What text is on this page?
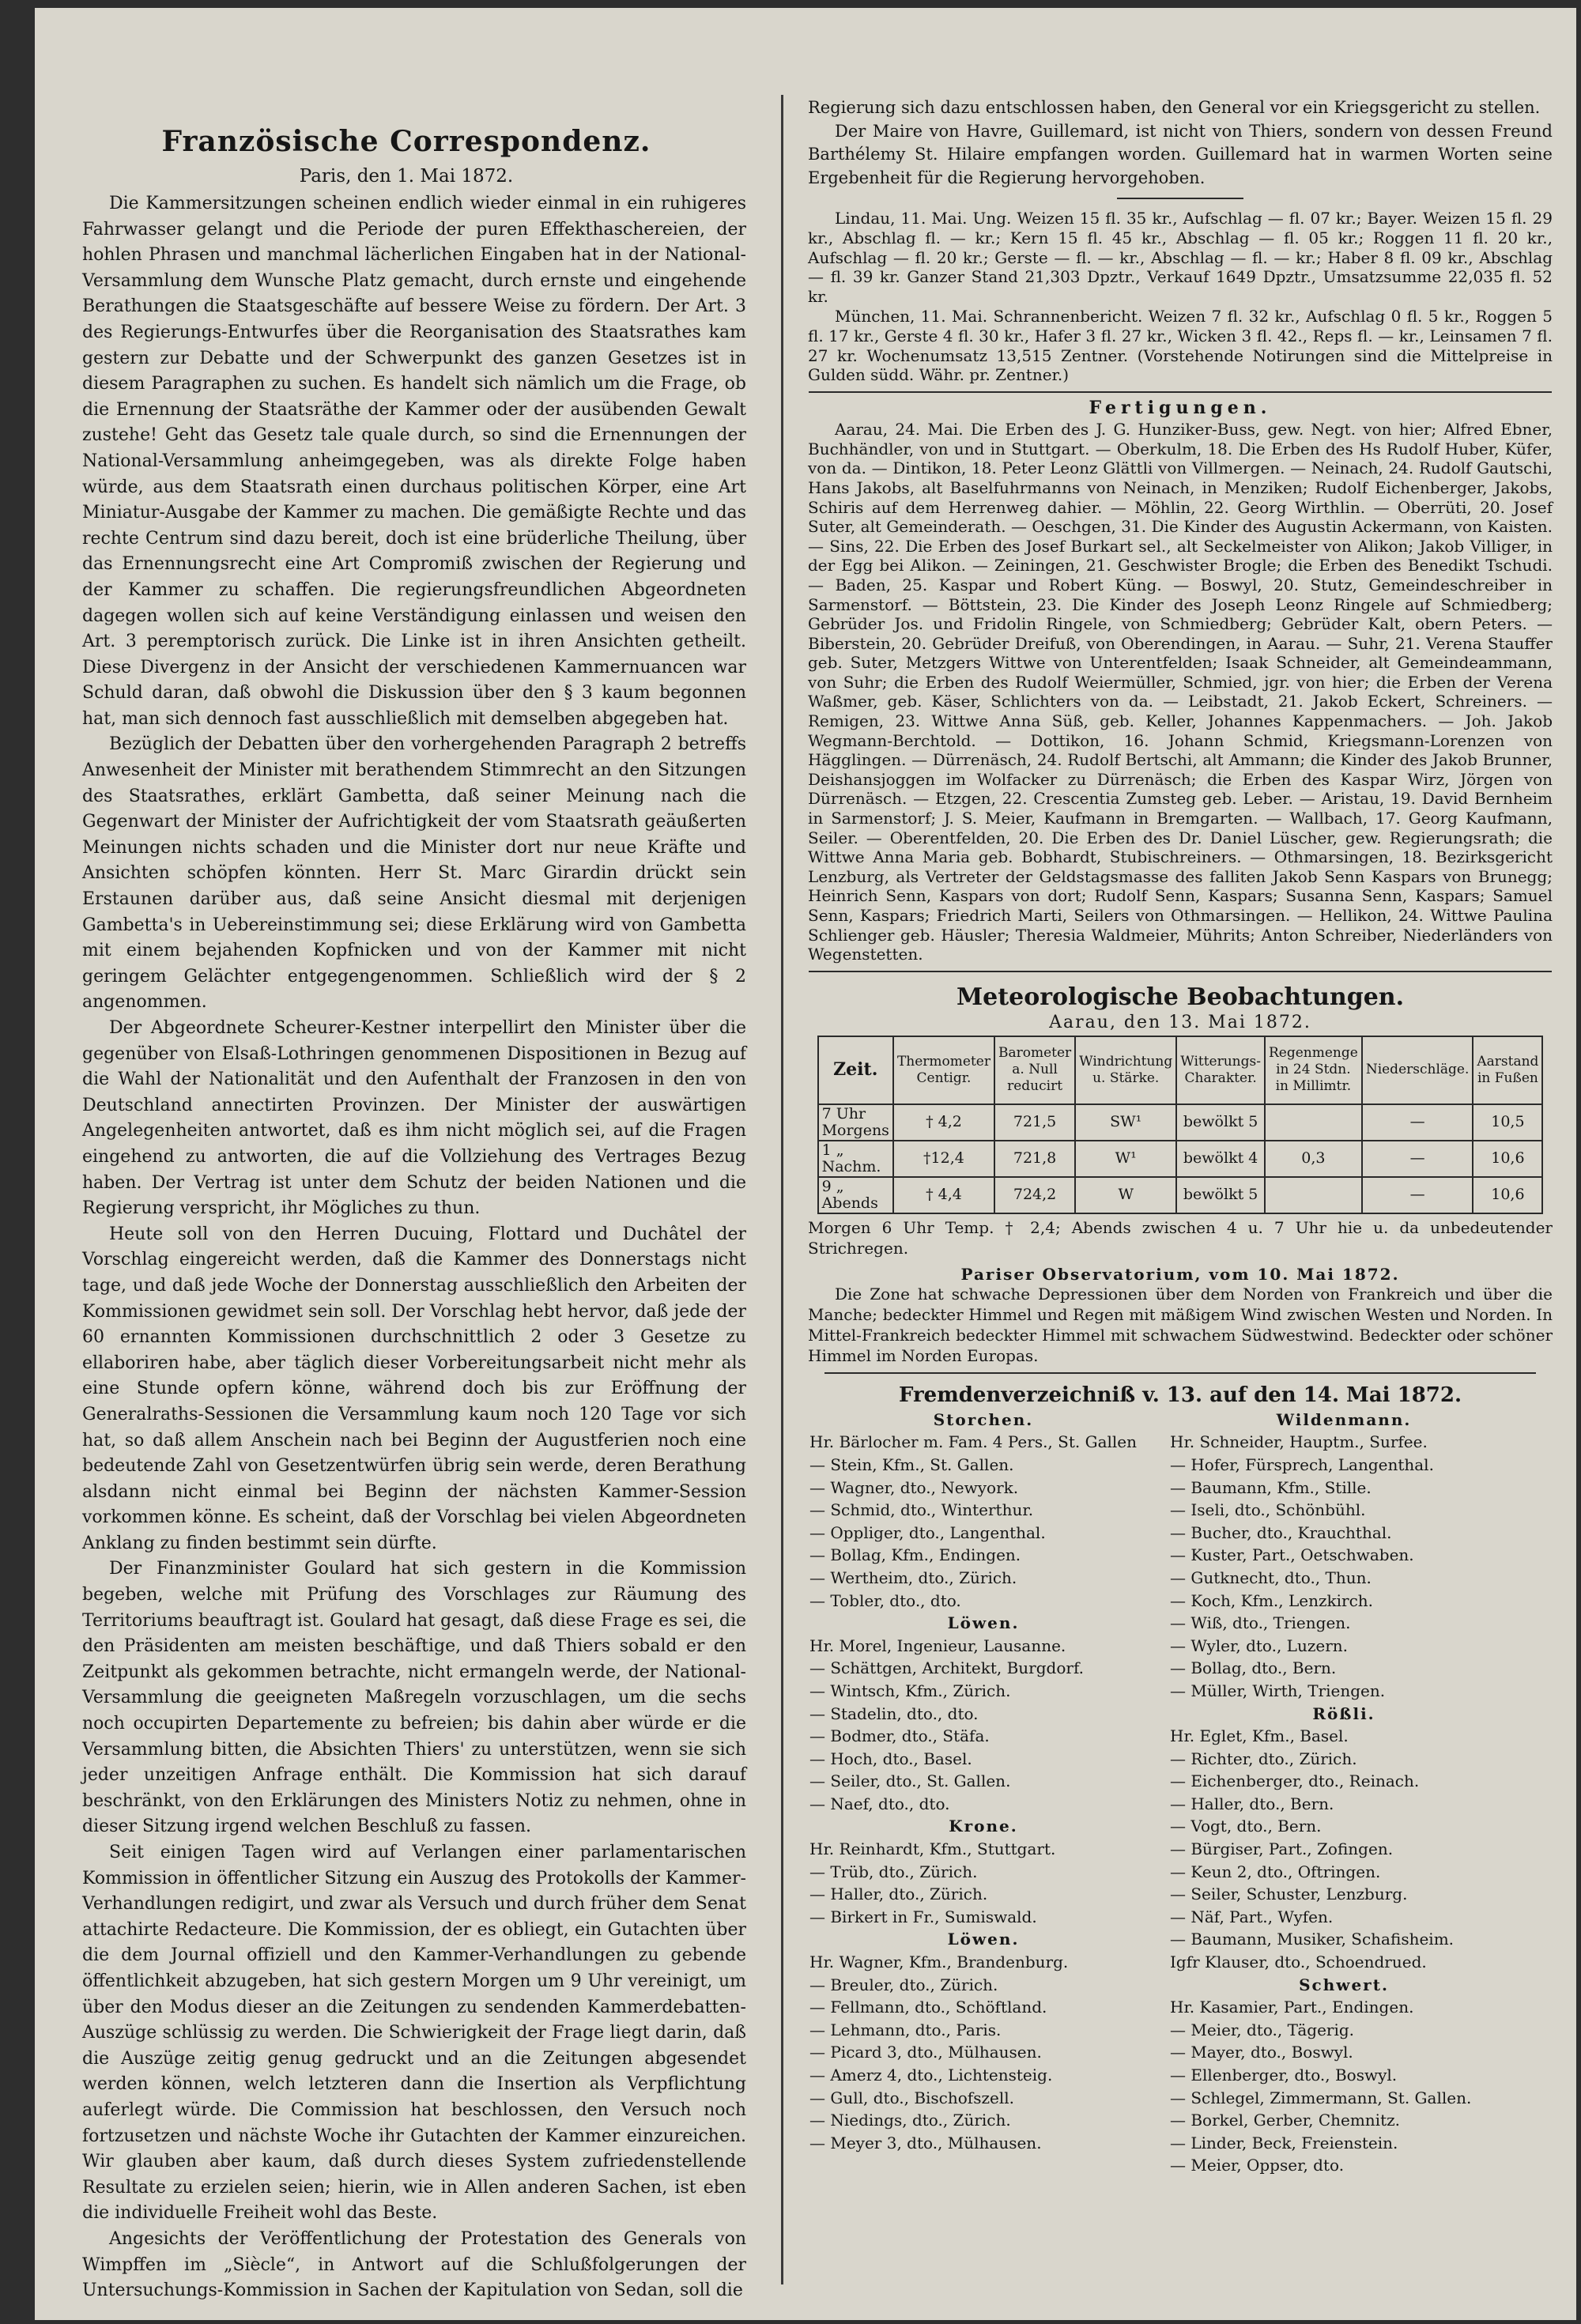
Französische Correspondenz.
Paris, den 1. Mai 1872.

Die Kammersitzungen scheinen endlich wieder einmal in ein ruhigeres Fahrwasser gelangt und die Periode der puren Effekthaschereien, der hohlen Phrasen und manchmal lächerlichen Eingaben hat in der National-Versammlung dem Wunsche Platz gemacht, durch ernste und eingehende Berathungen die Staatsgeschäfte auf bessere Weise zu fördern. Der Art. 3 des Regierungs-Entwurfes über die Reorganisation des Staatsrathes kam gestern zur Debatte und der Schwerpunkt des ganzen Gesetzes ist in diesem Paragraphen zu suchen. Es handelt sich nämlich um die Frage, ob die Ernennung der Staatsräthe der Kammer oder der ausübenden Gewalt zustehe! Geht das Gesetz tale quale durch, so sind die Ernennungen der National-Versammlung anheimgegeben, was als direkte Folge haben würde, aus dem Staatsrath einen durchaus politischen Körper, eine Art Miniatur-Ausgabe der Kammer zu machen. Die gemäßigte Rechte und das rechte Centrum sind dazu bereit, doch ist eine brüderliche Theilung, über das Ernennungsrecht eine Art Compromiß zwischen der Regierung und der Kammer zu schaffen. Die regierungsfreundlichen Abgeordneten dagegen wollen sich auf keine Verständigung einlassen und weisen den Art. 3 peremptorisch zurück. Die Linke ist in ihren Ansichten getheilt. Diese Divergenz in der Ansicht der verschiedenen Kammernuancen war Schuld daran, daß obwohl die Diskussion über den § 3 kaum begonnen hat, man sich dennoch fast ausschließlich mit demselben abgegeben hat.

Bezüglich der Debatten über den vorhergehenden Paragraph 2 betreffs Anwesenheit der Minister mit berathendem Stimmrecht an den Sitzungen des Staatsrathes, erklärt Gambetta, daß seiner Meinung nach die Gegenwart der Minister der Aufrichtigkeit der vom Staatsrath geäußerten Meinungen nichts schaden und die Minister dort nur neue Kräfte und Ansichten schöpfen könnten. Herr St. Marc Girardin drückt sein Erstaunen darüber aus, daß seine Ansicht diesmal mit derjenigen Gambetta's in Uebereinstimmung sei; diese Erklärung wird von Gambetta mit einem bejahenden Kopfnicken und von der Kammer mit nicht geringem Gelächter entgegengenommen. Schließlich wird der § 2 angenommen.

Der Abgeordnete Scheurer-Kestner interpellirt den Minister über die gegenüber von Elsaß-Lothringen genommenen Dispositionen in Bezug auf die Wahl der Nationalität und den Aufenthalt der Franzosen in den von Deutschland annectirten Provinzen. Der Minister der auswärtigen Angelegenheiten antwortet, daß es ihm nicht möglich sei, auf die Fragen eingehend zu antworten, die auf die Vollziehung des Vertrages Bezug haben. Der Vertrag ist unter dem Schutz der beiden Nationen und die Regierung verspricht, ihr Mögliches zu thun.

Heute soll von den Herren Ducuing, Flottard und Duchâtel der Vorschlag eingereicht werden, daß die Kammer des Donnerstags nicht tage, und daß jede Woche der Donnerstag ausschließlich den Arbeiten der Kommissionen gewidmet sein soll. Der Vorschlag hebt hervor, daß jede der 60 ernannten Kommissionen durchschnittlich 2 oder 3 Gesetze zu ellaboriren habe, aber täglich dieser Vorbereitungsarbeit nicht mehr als eine Stunde opfern könne, während doch bis zur Eröffnung der Generalraths-Sessionen die Versammlung kaum noch 120 Tage vor sich hat, so daß allem Anschein nach bei Beginn der Augustferien noch eine bedeutende Zahl von Gesetzentwürfen übrig sein werde, deren Berathung alsdann nicht einmal bei Beginn der nächsten Kammer-Session vorkommen könne. Es scheint, daß der Vorschlag bei vielen Abgeordneten Anklang zu finden bestimmt sein dürfte.

Der Finanzminister Goulard hat sich gestern in die Kommission begeben, welche mit Prüfung des Vorschlages zur Räumung des Territoriums beauftragt ist. Goulard hat gesagt, daß diese Frage es sei, die den Präsidenten am meisten beschäftige, und daß Thiers sobald er den Zeitpunkt als gekommen betrachte, nicht ermangeln werde, der National-Versammlung die geeigneten Maßregeln vorzuschlagen, um die sechs noch occupirten Departemente zu befreien; bis dahin aber würde er die Versammlung bitten, die Absichten Thiers' zu unterstützen, wenn sie sich jeder unzeitigen Anfrage enthält. Die Kommission hat sich darauf beschränkt, von den Erklärungen des Ministers Notiz zu nehmen, ohne in dieser Sitzung irgend welchen Beschluß zu fassen.

Seit einigen Tagen wird auf Verlangen einer parlamentarischen Kommission in öffentlicher Sitzung ein Auszug des Protokolls der Kammer-Verhandlungen redigirt, und zwar als Versuch und durch früher dem Senat attachirte Redacteure. Die Kommission, der es obliegt, ein Gutachten über die dem Journal offiziell und den Kammer-Verhandlungen zu gebende öffentlichkeit abzugeben, hat sich gestern Morgen um 9 Uhr vereinigt, um über den Modus dieser an die Zeitungen zu sendenden Kammerdebatten-Auszüge schlüssig zu werden. Die Schwierigkeit der Frage liegt darin, daß die Auszüge zeitig genug gedruckt und an die Zeitungen abgesendet werden können, welch letzteren dann die Insertion als Verpflichtung auferlegt würde. Die Commission hat beschlossen, den Versuch noch fortzusetzen und nächste Woche ihr Gutachten der Kammer einzureichen. Wir glauben aber kaum, daß durch dieses System zufriedenstellende Resultate zu erzielen seien; hierin, wie in Allen anderen Sachen, ist eben die individuelle Freiheit wohl das Beste.

Angesichts der Veröffentlichung der Protestation des Generals von Wimpffen im „Siècle“, in Antwort auf die Schlußfolgerungen der Untersuchungs-Kommission in Sachen der Kapitulation von Sedan, soll die

Regierung sich dazu entschlossen haben, den General vor ein Kriegsgericht zu stellen.

Der Maire von Havre, Guillemard, ist nicht von Thiers, sondern von dessen Freund Barthélemy St. Hilaire empfangen worden. Guillemard hat in warmen Worten seine Ergebenheit für die Regierung hervorgehoben.

Lindau, 11. Mai. Ung. Weizen 15 fl. 35 kr., Aufschlag — fl. 07 kr.; Bayer. Weizen 15 fl. 29 kr., Abschlag fl. — kr.; Kern 15 fl. 45 kr., Abschlag — fl. 05 kr.; Roggen 11 fl. 20 kr., Aufschlag — fl. 20 kr.; Gerste — fl. — kr., Abschlag — fl. — kr.; Haber 8 fl. 09 kr., Abschlag — fl. 39 kr. Ganzer Stand 21,303 Dpztr., Verkauf 1649 Dpztr., Umsatzsumme 22,035 fl. 52 kr.

München, 11. Mai. Schrannenbericht. Weizen 7 fl. 32 kr., Aufschlag 0 fl. 5 kr., Roggen 5 fl. 17 kr., Gerste 4 fl. 30 kr., Hafer 3 fl. 27 kr., Wicken 3 fl. 42., Reps fl. — kr., Leinsamen 7 fl. 27 kr. Wochenumsatz 13,515 Zentner. (Vorstehende Notirungen sind die Mittelpreise in Gulden südd. Währ. pr. Zentner.)

Fertigungen.

Aarau, 24. Mai. Die Erben des J. G. Hunziker-Buss, gew. Negt. von hier; Alfred Ebner, Buchhändler, von und in Stuttgart. — Oberkulm, 18. Die Erben des Hs Rudolf Huber, Küfer, von da. — Dintikon, 18. Peter Leonz Glättli von Villmergen. — Neinach, 24. Rudolf Gautschi, Hans Jakobs, alt Baselfuhrmanns von Neinach, in Menziken; Rudolf Eichenberger, Jakobs, Schiris auf dem Herrenweg dahier. — Möhlin, 22. Georg Wirthlin. — Oberrüti, 20. Josef Suter, alt Gemeinderath. — Oeschgen, 31. Die Kinder des Augustin Ackermann, von Kaisten. — Sins, 22. Die Erben des Josef Burkart sel., alt Seckelmeister von Alikon; Jakob Villiger, in der Egg bei Alikon. — Zeiningen, 21. Geschwister Brogle; die Erben des Benedikt Tschudi. — Baden, 25. Kaspar und Robert Küng. — Boswyl, 20. Stutz, Gemeindeschreiber in Sarmenstorf. — Böttstein, 23. Die Kinder des Joseph Leonz Ringele auf Schmiedberg; Gebrüder Jos. und Fridolin Ringele, von Schmiedberg; Gebrüder Kalt, obern Peters. — Biberstein, 20. Gebrüder Dreifuß, von Oberendingen, in Aarau. — Suhr, 21. Verena Stauffer geb. Suter, Metzgers Wittwe von Unterentfelden; Isaak Schneider, alt Gemeindeammann, von Suhr; die Erben des Rudolf Weiermüller, Schmied, jgr. von hier; die Erben der Verena Waßmer, geb. Käser, Schlichters von da. — Leibstadt, 21. Jakob Eckert, Schreiners. — Remigen, 23. Wittwe Anna Süß, geb. Keller, Johannes Kappenmachers. — Joh. Jakob Wegmann-Berchtold. — Dottikon, 16. Johann Schmid, Kriegsmann-Lorenzen von Hägglingen. — Dürrenäsch, 24. Rudolf Bertschi, alt Ammann; die Kinder des Jakob Brunner, Deishansjoggen im Wolfacker zu Dürrenäsch; die Erben des Kaspar Wirz, Jörgen von Dürrenäsch. — Etzgen, 22. Crescentia Zumsteg geb. Leber. — Aristau, 19. David Bernheim in Sarmenstorf; J. S. Meier, Kaufmann in Bremgarten. — Wallbach, 17. Georg Kaufmann, Seiler. — Oberentfelden, 20. Die Erben des Dr. Daniel Lüscher, gew. Regierungsrath; die Wittwe Anna Maria geb. Bobhardt, Stubischreiners. — Othmarsingen, 18. Bezirksgericht Lenzburg, als Vertreter der Geldstagsmasse des falliten Jakob Senn Kaspars von Brunegg; Heinrich Senn, Kaspars von dort; Rudolf Senn, Kaspars; Susanna Senn, Kaspars; Samuel Senn, Kaspars; Friedrich Marti, Seilers von Othmarsingen. — Hellikon, 24. Wittwe Paulina Schlienger geb. Häusler; Theresia Waldmeier, Mührits; Anton Schreiber, Niederländers von Wegenstetten.

Meteorologische Beobachtungen.
Aarau, den 13. Mai 1872.
Zeit.	Thermometer Centigr.	Barometer a. Null reducirt	Windrichtung u. Stärke.	Witterungs-Charakter.	Regenmenge in 24 Stdn. in Millimtr.	Niederschläge.	Aarstand in Fußen
7 Uhr Morgens	† 4,2	721,5	SW¹	bewölkt 5		—	10,5
1 „ Nachm.	†12,4	721,8	W¹	bewölkt 4	0,3	—	10,6
9 „ Abends	† 4,4	724,2	W	bewölkt 5		—	10,6

Morgen 6 Uhr Temp. † 2,4; Abends zwischen 4 u. 7 Uhr hie u. da unbedeutender Strichregen.

Pariser Observatorium, vom 10. Mai 1872.

Die Zone hat schwache Depressionen über dem Norden von Frankreich und über die Manche; bedeckter Himmel und Regen mit mäßigem Wind zwischen Westen und Norden. In Mittel-Frankreich bedeckter Himmel mit schwachem Südwestwind. Bedeckter oder schöner Himmel im Norden Europas.

Fremdenverzeichniß v. 13. auf den 14. Mai 1872.
Storchen.
Hr. Bärlocher m. Fam. 4 Pers., St. Gallen
— Stein, Kfm., St. Gallen.
— Wagner, dto., Newyork.
— Schmid, dto., Winterthur.
— Oppliger, dto., Langenthal.
— Bollag, Kfm., Endingen.
— Wertheim, dto., Zürich.
— Tobler, dto., dto.
Löwen.
Hr. Morel, Ingenieur, Lausanne.
— Schättgen, Architekt, Burgdorf.
— Wintsch, Kfm., Zürich.
— Stadelin, dto., dto.
— Bodmer, dto., Stäfa.
— Hoch, dto., Basel.
— Seiler, dto., St. Gallen.
— Naef, dto., dto.
Krone.
Hr. Reinhardt, Kfm., Stuttgart.
— Trüb, dto., Zürich.
— Haller, dto., Zürich.
— Birkert in Fr., Sumiswald.
Löwen.
Hr. Wagner, Kfm., Brandenburg.
— Breuler, dto., Zürich.
— Fellmann, dto., Schöftland.
— Lehmann, dto., Paris.
— Picard 3, dto., Mülhausen.
— Amerz 4, dto., Lichtensteig.
— Gull, dto., Bischofszell.
— Niedings, dto., Zürich.
— Meyer 3, dto., Mülhausen.
Wildenmann.
Hr. Schneider, Hauptm., Surfee.
— Hofer, Fürsprech, Langenthal.
— Baumann, Kfm., Stille.
— Iseli, dto., Schönbühl.
— Bucher, dto., Krauchthal.
— Kuster, Part., Oetschwaben.
— Gutknecht, dto., Thun.
— Koch, Kfm., Lenzkirch.
— Wiß, dto., Triengen.
— Wyler, dto., Luzern.
— Bollag, dto., Bern.
— Müller, Wirth, Triengen.
Rößli.
Hr. Eglet, Kfm., Basel.
— Richter, dto., Zürich.
— Eichenberger, dto., Reinach.
— Haller, dto., Bern.
— Vogt, dto., Bern.
— Bürgiser, Part., Zofingen.
— Keun 2, dto., Oftringen.
— Seiler, Schuster, Lenzburg.
— Näf, Part., Wyfen.
— Baumann, Musiker, Schafisheim.
Igfr Klauser, dto., Schoendrued.
Schwert.
Hr. Kasamier, Part., Endingen.
— Meier, dto., Tägerig.
— Mayer, dto., Boswyl.
— Ellenberger, dto., Boswyl.
— Schlegel, Zimmermann, St. Gallen.
— Borkel, Gerber, Chemnitz.
— Linder, Beck, Freienstein.
— Meier, Oppser, dto.
